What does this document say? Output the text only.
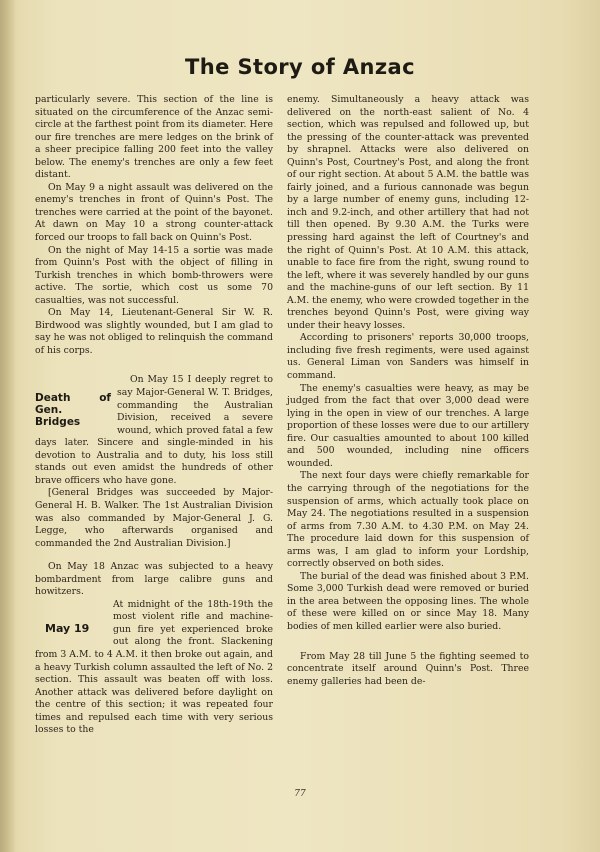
The Story of Anzac

particularly severe. This section of the line is situated on the circumference of the Anzac semi-circle at the farthest point from its diameter. Here our fire trenches are mere ledges on the brink of a sheer precipice falling 200 feet into the valley below. The enemy's trenches are only a few feet distant.

On May 9 a night assault was delivered on the enemy's trenches in front of Quinn's Post. The trenches were carried at the point of the bayonet. At dawn on May 10 a strong counter-attack forced our troops to fall back on Quinn's Post.

On the night of May 14-15 a sortie was made from Quinn's Post with the object of filling in Turkish trenches in which bomb-throwers were active. The sortie, which cost us some 70 casualties, was not successful.

On May 14, Lieutenant-General Sir W. R. Birdwood was slightly wounded, but I am glad to say he was not obliged to relinquish the command of his corps.

Death of Gen. Bridges

On May 15 I deeply regret to say Major-General W. T. Bridges, commanding the Australian Division, received a severe wound, which proved fatal a few days later. Sincere and single-minded in his devotion to Australia and to duty, his loss still stands out even amidst the hundreds of other brave officers who have gone.

[General Bridges was succeeded by Major-General H. B. Walker. The 1st Australian Division was also commanded by Major-General J. G. Legge, who afterwards organised and commanded the 2nd Australian Division.]

On May 18 Anzac was subjected to a heavy bombardment from large calibre guns and howitzers.

May 19

At midnight of the 18th-19th the most violent rifle and machine-gun fire yet experienced broke out along the front. Slackening from 3 A.M. to 4 A.M. it then broke out again, and a heavy Turkish column assaulted the left of No. 2 section. This assault was beaten off with loss. Another attack was delivered before daylight on the centre of this section; it was repeated four times and repulsed each time with very serious losses to the

enemy. Simultaneously a heavy attack was delivered on the north-east salient of No. 4 section, which was repulsed and followed up, but the pressing of the counter-attack was prevented by shrapnel. Attacks were also delivered on Quinn's Post, Courtney's Post, and along the front of our right section. At about 5 A.M. the battle was fairly joined, and a furious cannonade was begun by a large number of enemy guns, including 12-inch and 9.2-inch, and other artillery that had not till then opened. By 9.30 A.M. the Turks were pressing hard against the left of Courtney's and the right of Quinn's Post. At 10 A.M. this attack, unable to face fire from the right, swung round to the left, where it was severely handled by our guns and the machine-guns of our left section. By 11 A.M. the enemy, who were crowded together in the trenches beyond Quinn's Post, were giving way under their heavy losses.

According to prisoners' reports 30,000 troops, including five fresh regiments, were used against us. General Liman von Sanders was himself in command.

The enemy's casualties were heavy, as may be judged from the fact that over 3,000 dead were lying in the open in view of our trenches. A large proportion of these losses were due to our artillery fire. Our casualties amounted to about 100 killed and 500 wounded, including nine officers wounded.

The next four days were chiefly remarkable for the carrying through of the negotiations for the suspension of arms, which actually took place on May 24. The negotiations resulted in a suspension of arms from 7.30 A.M. to 4.30 P.M. on May 24. The procedure laid down for this suspension of arms was, I am glad to inform your Lordship, correctly observed on both sides.

The burial of the dead was finished about 3 P.M. Some 3,000 Turkish dead were removed or buried in the area between the opposing lines. The whole of these were killed on or since May 18. Many bodies of men killed earlier were also buried.

From May 28 till June 5 the fighting seemed to concentrate itself around Quinn's Post. Three enemy galleries had been de-

77
